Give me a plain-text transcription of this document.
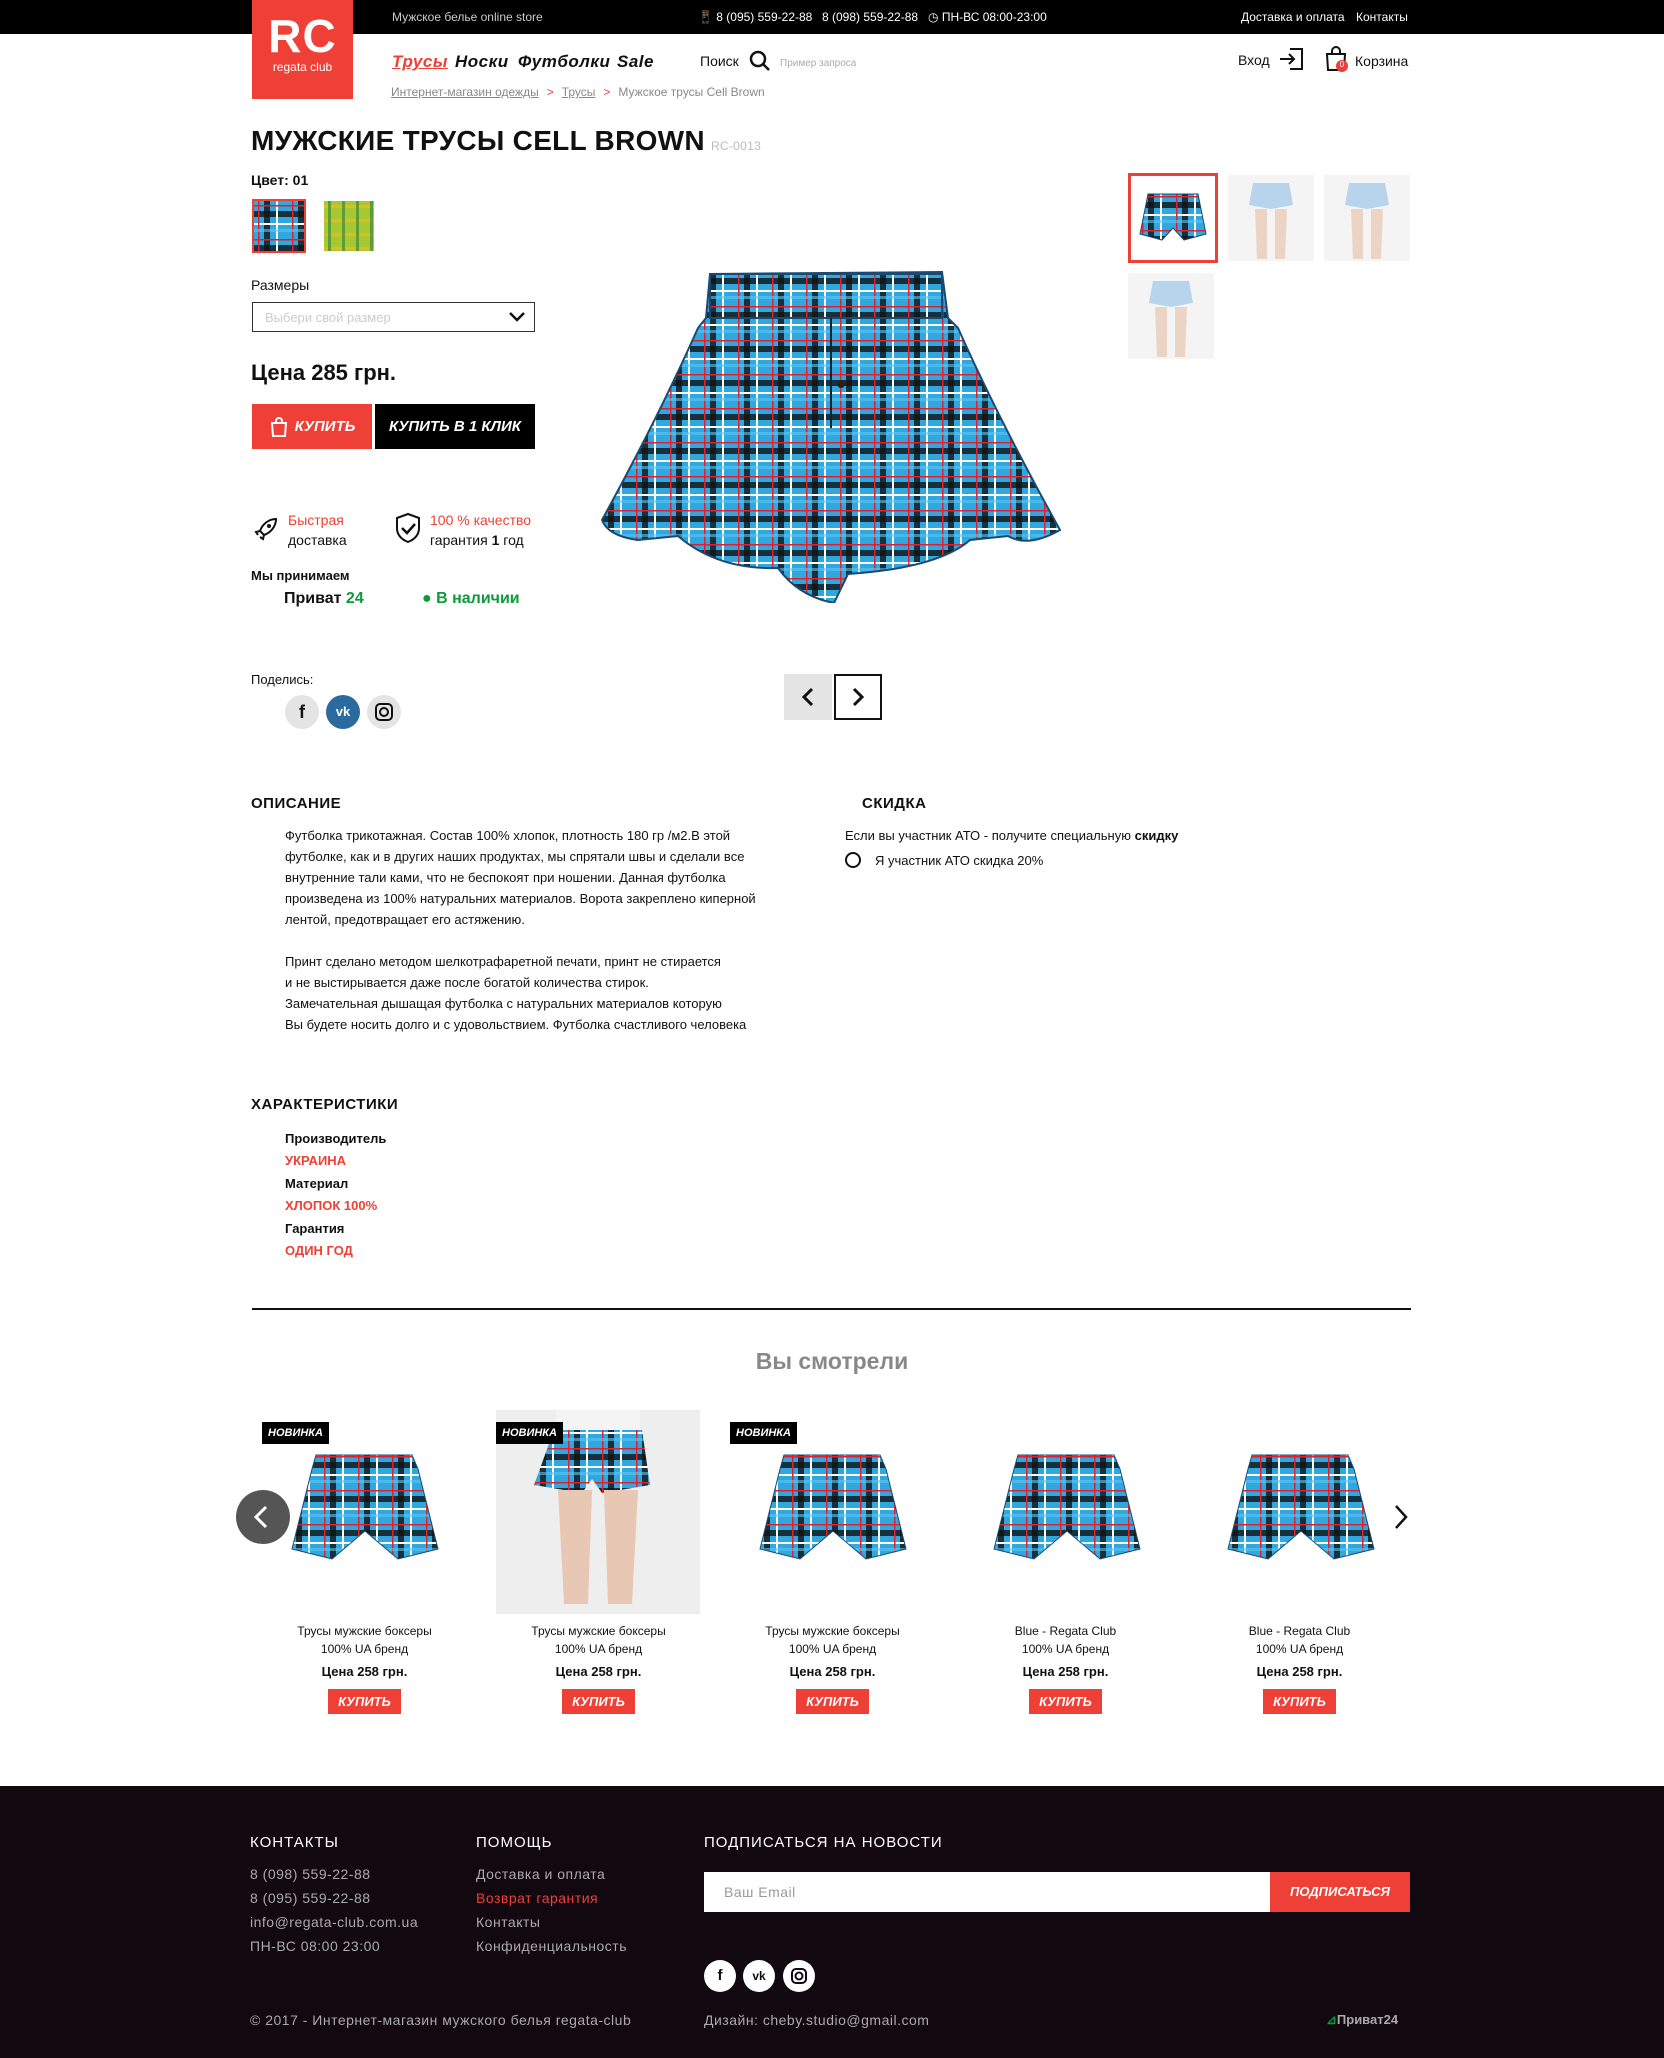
Мужское белье online store	📱 8 (095) 559-22-88 8 (098) 559-22-88 ◷ ПН-ВС 08:00-23:00	Доставка и оплата Контакты
RC
regata club	Трусы Носки Футболки Sale	Поиск	Пример запроса	Вход	0 Корзина
Интернет-магазин одежды > Трусы > Мужское трусы Cell Brown
МУЖСКИЕ ТРУСЫ CELL BROWN RC-0013
Цвет: 01
Размеры
Выбери свой размер
Цена 285 грн.
КУПИТЬ	КУПИТЬ В 1 КЛИК
Быстрая
доставка
100 % качество
гарантия 1 год
Мы принимаем
Приват 24	● В наличии
Поделись:
f	vk
ОПИСАНИЕ

Футболка трикотажная. Состав 100% хлопок, плотность 180 гр /м2.В этой

футболке, как и в других наших продуктах, мы спрятали швы и сделали все

внутренние тали ками, что не беспокоят при ношении. Данная футболка

произведена из 100% натуральних материалов. Ворота закреплено киперной

лентой, предотвращает его астяжению.

Принт сделано методом шелкотрафаретной печати, принт не стирается

и не выстирывается даже после богатой количества стирок.

Замечательная дышащая футболка с натуральних материалов которую

Вы будете носить долго и с удовольствием. Футболка счастливого человека

СКИДКА
Если вы участник АТО - получите специальную скидку
Я участник АТО скидка 20%
ХАРАКТЕРИСТИКИ
Пpоизводитель
УКРАИНА
Материал
ХЛОПОК 100%
Гарантия
ОДИН ГОД
Вы смотрели
НОВИНКА
Трусы мужские боксеры
100% UA бренд
Цена 258 грн.
КУПИТЬ
НОВИНКА
Трусы мужские боксеры
100% UA бренд
Цена 258 грн.
КУПИТЬ
НОВИНКА
Трусы мужские боксеры
100% UA бренд
Цена 258 грн.
КУПИТЬ
Blue - Regata Club
100% UA бренд
Цена 258 грн.
КУПИТЬ
Blue - Regata Club
100% UA бренд
Цена 258 грн.
КУПИТЬ
КОНТАКТЫ
8 (098) 559-22-88
8 (095) 559-22-88
info@regata-club.com.ua
ПН-ВС 08:00 23:00
ПОМОЩЬ
Доставка и оплата
Возврат гарантия
Контакты
Конфиденциальность
ПОДПИСАТЬСЯ НА НОВОСТИ
Ваш Email	ПОДПИСАТЬСЯ
f	vk
© 2017 - Интернет-магазин мужского белья regata-club	Дизайн: cheby.studio@gmail.com	⊿Приват24
